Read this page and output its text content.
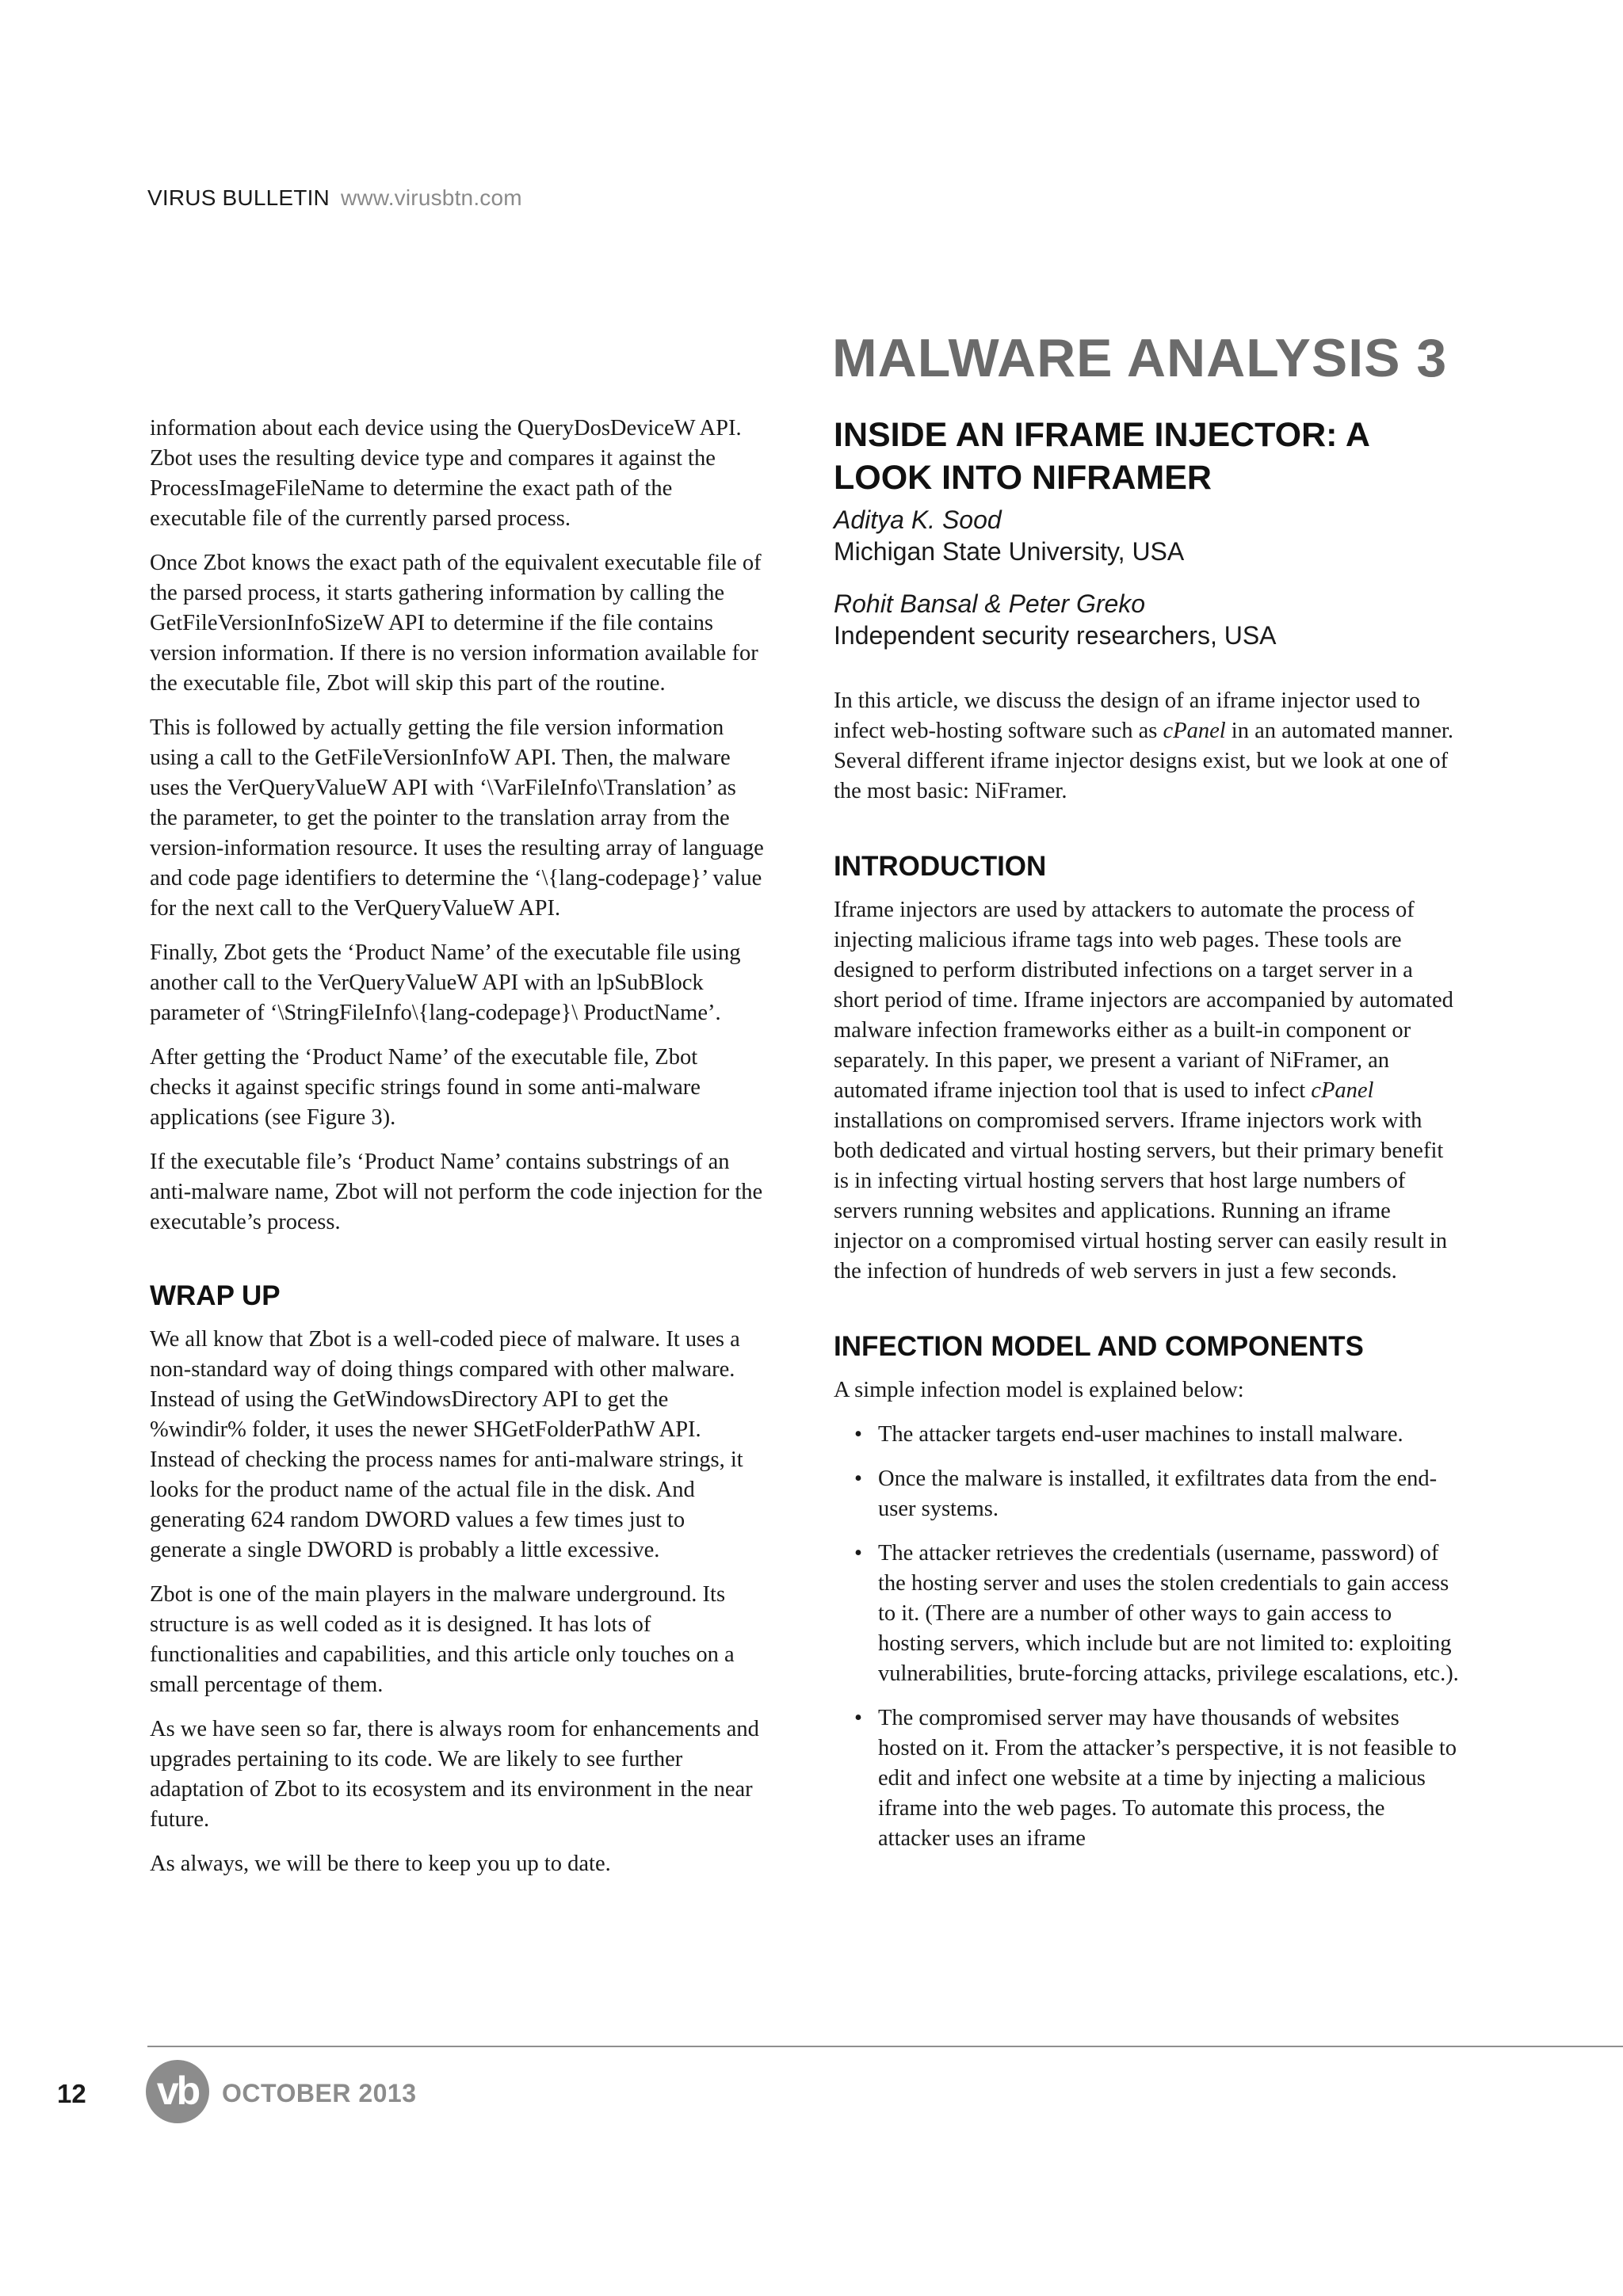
VIRUS BULLETIN www.virusbtn.com
MALWARE ANALYSIS 3

information about each device using the QueryDosDeviceW API. Zbot uses the resulting device type and compares it against the ProcessImageFileName to determine the exact path of the executable file of the currently parsed process.

Once Zbot knows the exact path of the equivalent executable file of the parsed process, it starts gathering information by calling the GetFileVersionInfoSizeW API to determine if the file contains version information. If there is no version information available for the executable file, Zbot will skip this part of the routine.

This is followed by actually getting the file version information using a call to the GetFileVersionInfoW API. Then, the malware uses the VerQueryValueW API with ‘\VarFileInfo\Translation’ as the parameter, to get the pointer to the translation array from the version-information resource. It uses the resulting array of language and code page identifiers to determine the ‘\{lang-codepage}’ value for the next call to the VerQueryValueW API.

Finally, Zbot gets the ‘Product Name’ of the executable file using another call to the VerQueryValueW API with an lpSubBlock parameter of ‘\StringFileInfo\{lang-codepage}\ ProductName’.

After getting the ‘Product Name’ of the executable file, Zbot checks it against specific strings found in some anti-malware applications (see Figure 3).

If the executable file’s ‘Product Name’ contains substrings of an anti-malware name, Zbot will not perform the code injection for the executable’s process.

WRAP UP

We all know that Zbot is a well-coded piece of malware. It uses a non-standard way of doing things compared with other malware. Instead of using the GetWindowsDirectory API to get the %windir% folder, it uses the newer SHGetFolderPathW API. Instead of checking the process names for anti-malware strings, it looks for the product name of the actual file in the disk. And generating 624 random DWORD values a few times just to generate a single DWORD is probably a little excessive.

Zbot is one of the main players in the malware underground. Its structure is as well coded as it is designed. It has lots of functionalities and capabilities, and this article only touches on a small percentage of them.

As we have seen so far, there is always room for enhancements and upgrades pertaining to its code. We are likely to see further adaptation of Zbot to its ecosystem and its environment in the near future.

As always, we will be there to keep you up to date.

INSIDE AN IFRAME INJECTOR: A LOOK INTO NIFRAMER

Aditya K. Sood

Michigan State University, USA

Rohit Bansal & Peter Greko

Independent security researchers, USA

In this article, we discuss the design of an iframe injector used to infect web-hosting software such as cPanel in an automated manner. Several different iframe injector designs exist, but we look at one of the most basic: NiFramer.

INTRODUCTION

Iframe injectors are used by attackers to automate the process of injecting malicious iframe tags into web pages. These tools are designed to perform distributed infections on a target server in a short period of time. Iframe injectors are accompanied by automated malware infection frameworks either as a built-in component or separately. In this paper, we present a variant of NiFramer, an automated iframe injection tool that is used to infect cPanel installations on compromised servers. Iframe injectors work with both dedicated and virtual hosting servers, but their primary benefit is in infecting virtual hosting servers that host large numbers of servers running websites and applications. Running an iframe injector on a compromised virtual hosting server can easily result in the infection of hundreds of web servers in just a few seconds.

INFECTION MODEL AND COMPONENTS

A simple infection model is explained below:

• The attacker targets end-user machines to install malware.
• Once the malware is installed, it exfiltrates data from the end-user systems.
• The attacker retrieves the credentials (username, password) of the hosting server and uses the stolen credentials to gain access to it. (There are a number of other ways to gain access to hosting servers, which include but are not limited to: exploiting vulnerabilities, brute-forcing attacks, privilege escalations, etc.).
• The compromised server may have thousands of websites hosted on it. From the attacker’s perspective, it is not feasible to edit and infect one website at a time by injecting a malicious iframe into the web pages. To automate this process, the attacker uses an iframe
12 vb OCTOBER 2013
